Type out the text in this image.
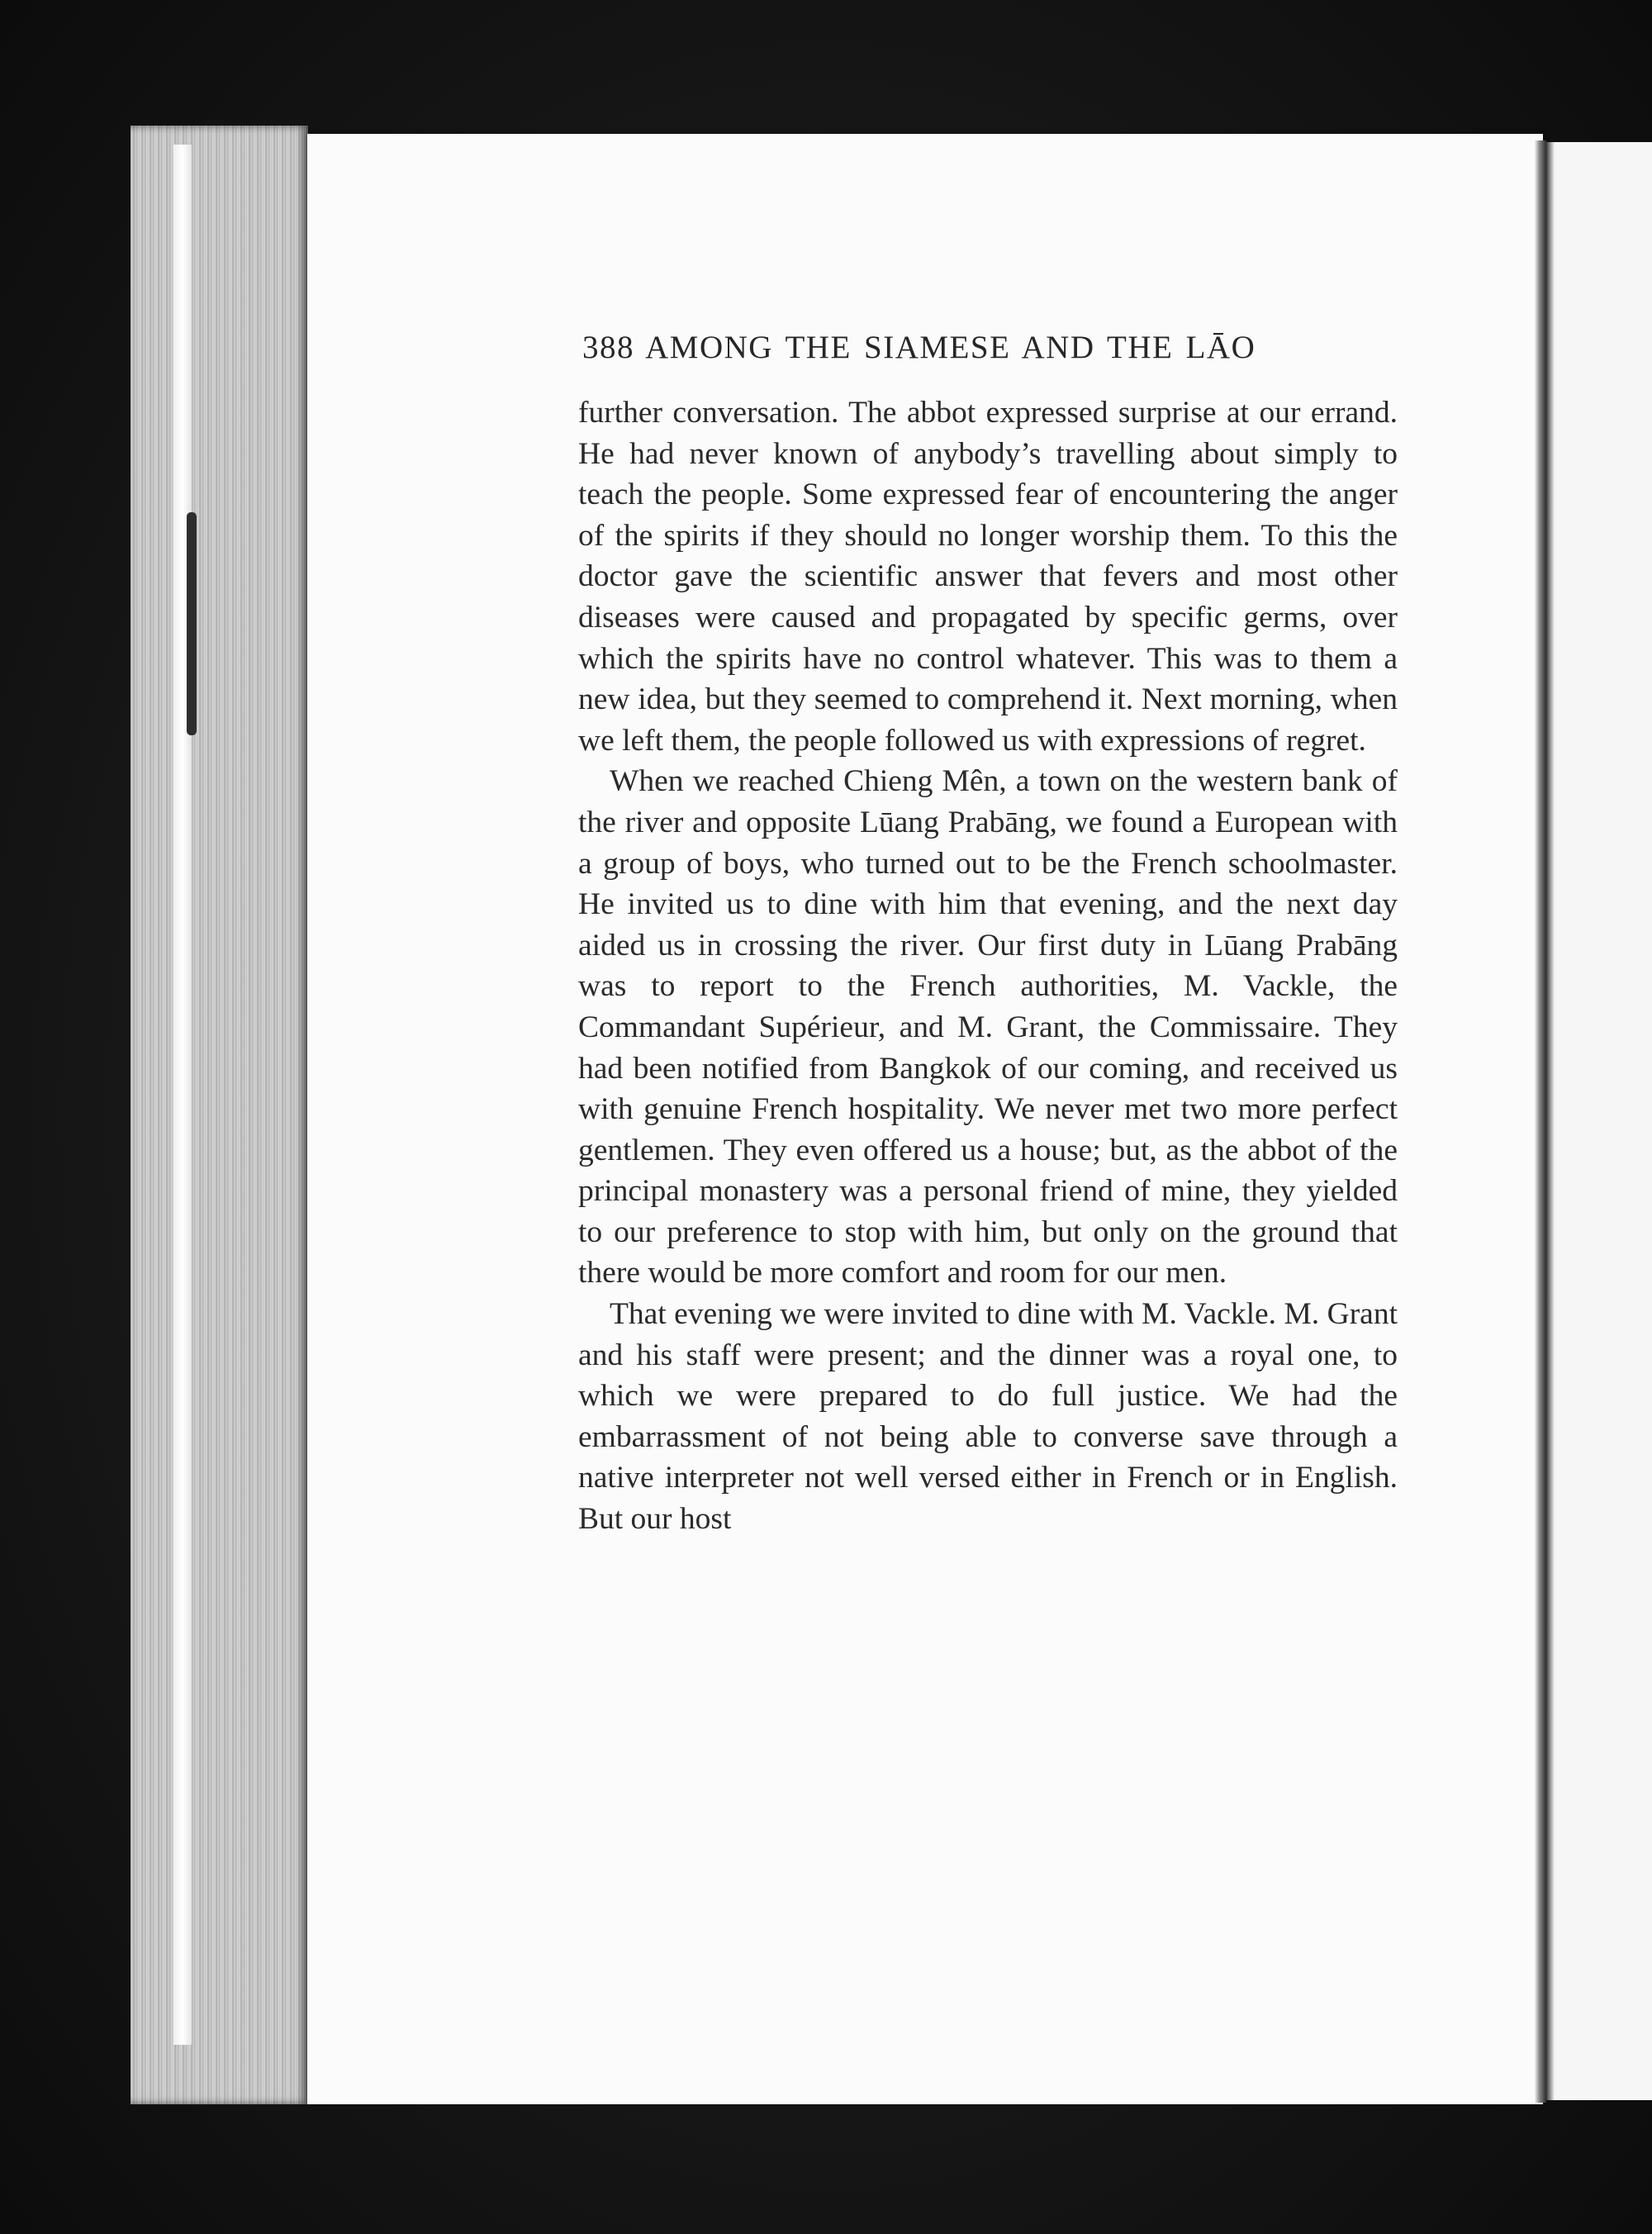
388 AMONG THE SIAMESE AND THE LĀO

further conversation. The abbot expressed surprise at our errand. He had never known of anybody’s travelling about simply to teach the people. Some expressed fear of encountering the anger of the spirits if they should no longer worship them. To this the doctor gave the scientific answer that fevers and most other diseases were caused and propagated by specific germs, over which the spirits have no control whatever. This was to them a new idea, but they seemed to comprehend it. Next morning, when we left them, the people followed us with expressions of regret.

When we reached Chieng Mên, a town on the western bank of the river and opposite Lūang Prabāng, we found a European with a group of boys, who turned out to be the French schoolmaster. He invited us to dine with him that evening, and the next day aided us in crossing the river. Our first duty in Lūang Prabāng was to report to the French authorities, M. Vackle, the Commandant Supérieur, and M. Grant, the Commissaire. They had been notified from Bangkok of our coming, and received us with genuine French hospitality. We never met two more perfect gentlemen. They even offered us a house; but, as the abbot of the principal monastery was a personal friend of mine, they yielded to our preference to stop with him, but only on the ground that there would be more comfort and room for our men.

That evening we were invited to dine with M. Vackle. M. Grant and his staff were present; and the dinner was a royal one, to which we were prepared to do full justice. We had the embarrassment of not being able to converse save through a native interpreter not well versed either in French or in English. But our host
